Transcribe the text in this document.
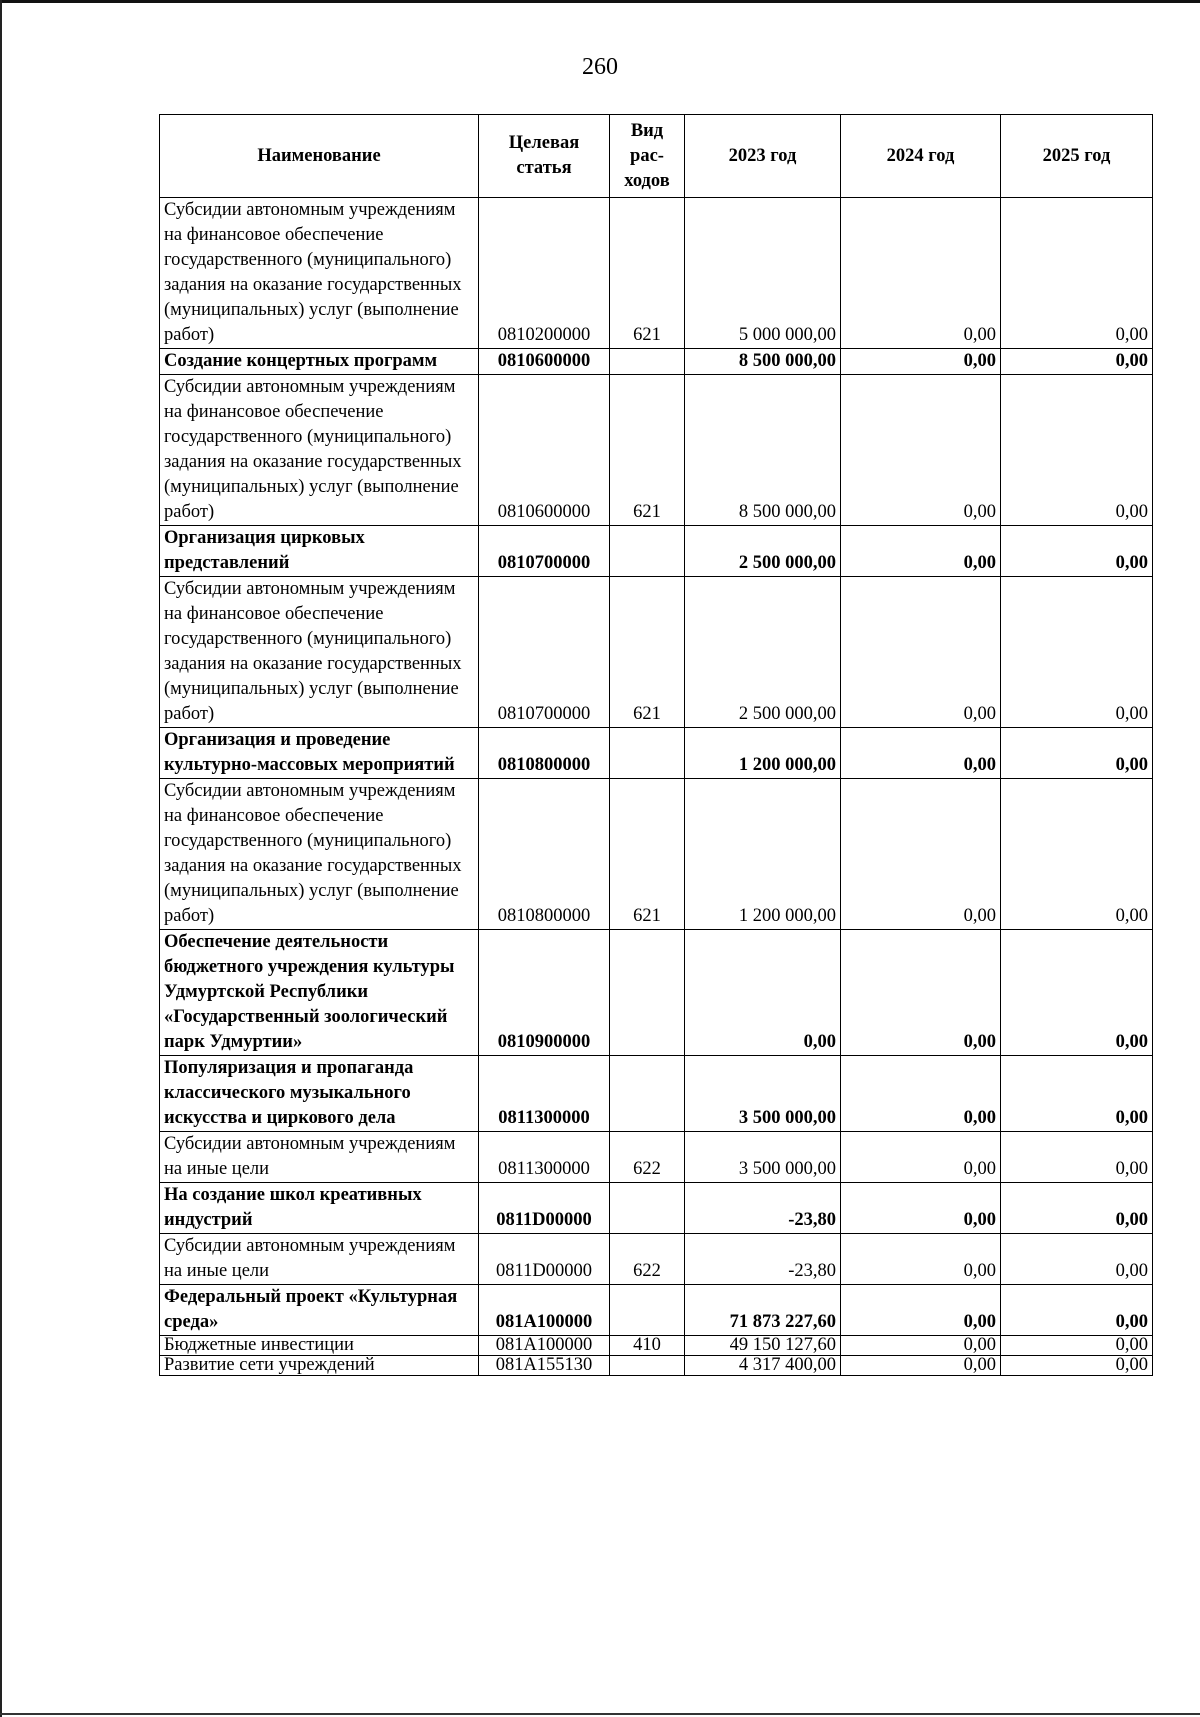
260
Наименование	Целевая статья	Вид рас- ходов	2023 год	2024 год	2025 год
Субсидии автономным учреждениям на финансовое обеспечение государственного (муниципального) задания на оказание государственных (муниципальных) услуг (выполнение работ)	0810200000	621	5 000 000,00	0,00	0,00
Создание концертных программ	0810600000		8 500 000,00	0,00	0,00
Субсидии автономным учреждениям на финансовое обеспечение государственного (муниципального) задания на оказание государственных (муниципальных) услуг (выполнение работ)	0810600000	621	8 500 000,00	0,00	0,00
Организация цирковых представлений	0810700000		2 500 000,00	0,00	0,00
Субсидии автономным учреждениям на финансовое обеспечение государственного (муниципального) задания на оказание государственных (муниципальных) услуг (выполнение работ)	0810700000	621	2 500 000,00	0,00	0,00
Организация и проведение культурно-массовых мероприятий	0810800000		1 200 000,00	0,00	0,00
Субсидии автономным учреждениям на финансовое обеспечение государственного (муниципального) задания на оказание государственных (муниципальных) услуг (выполнение работ)	0810800000	621	1 200 000,00	0,00	0,00
Обеспечение деятельности бюджетного учреждения культуры Удмуртской Республики «Государственный зоологический парк Удмуртии»	0810900000		0,00	0,00	0,00
Популяризация и пропаганда классического музыкального искусства и циркового дела	0811300000		3 500 000,00	0,00	0,00
Субсидии автономным учреждениям на иные цели	0811300000	622	3 500 000,00	0,00	0,00
На создание школ креативных индустрий	0811D00000		-23,80	0,00	0,00
Субсидии автономным учреждениям на иные цели	0811D00000	622	-23,80	0,00	0,00
Федеральный проект «Культурная среда»	081A100000		71 873 227,60	0,00	0,00
Бюджетные инвестиции	081A100000	410	49 150 127,60	0,00	0,00
Развитие сети учреждений	081A155130		4 317 400,00	0,00	0,00
